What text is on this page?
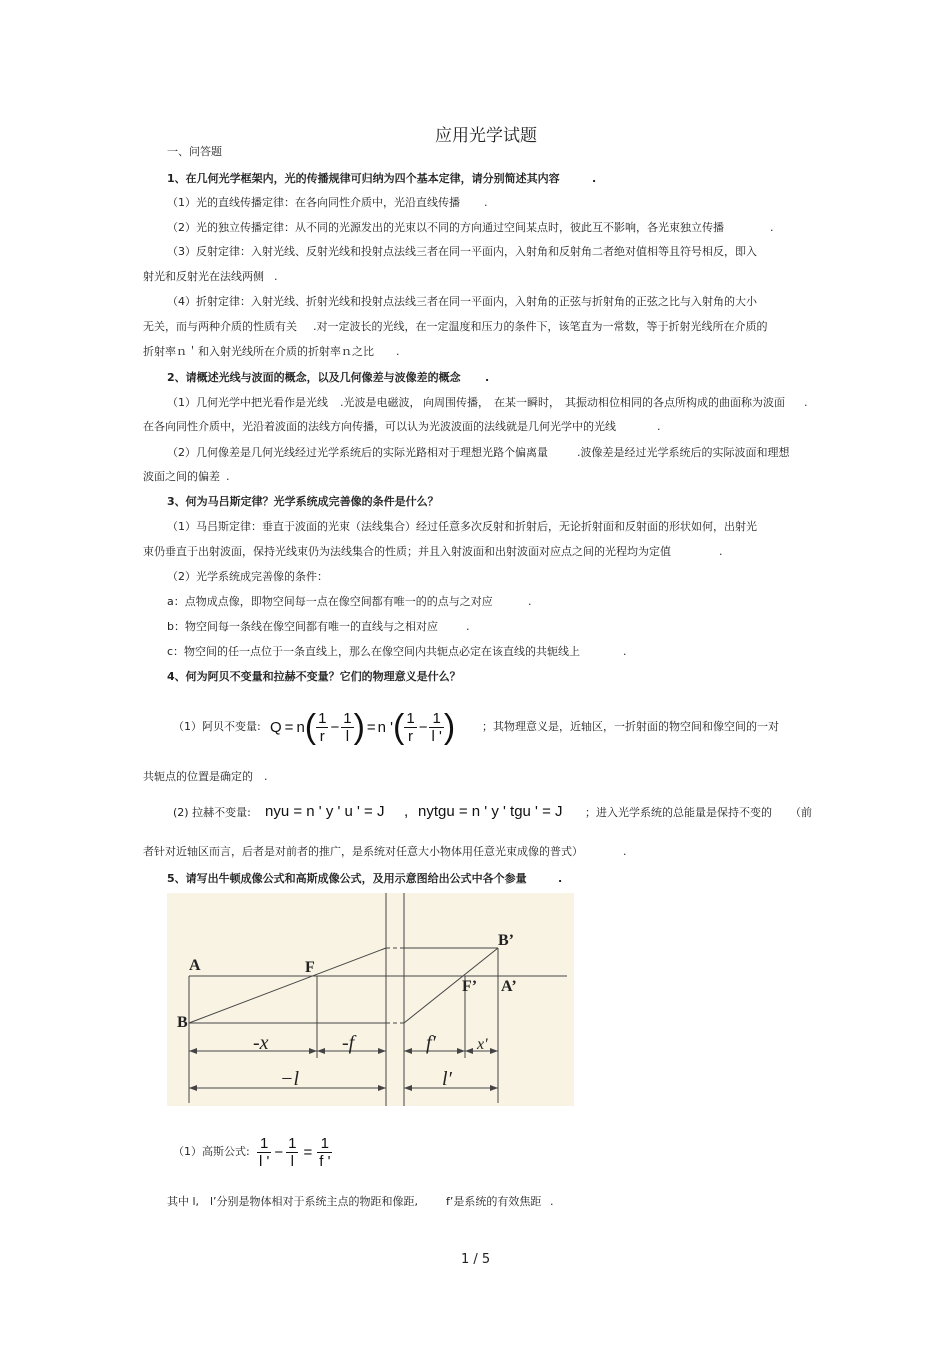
应用光学试题
一、问答题
1、在几何光学框架内，光的传播规律可归纳为四个基本定律，请分别简述其内容	.
（1）光的直线传播定律：在各向同性介质中，光沿直线传播 .
（2）光的独立传播定律：从不同的光源发出的光束以不同的方向通过空间某点时，彼此互不影响，各光束独立传播	.
（3）反射定律：入射光线、反射光线和投射点法线三者在同一平面内，入射角和反射角二者绝对值相等且符号相反，即入
射光和反射光在法线两侧 .
（4）折射定律：入射光线、折射光线和投射点法线三者在同一平面内，入射角的正弦与折射角的正弦之比与入射角的大小
无关，而与两种介质的性质有关 .对一定波长的光线，在一定温度和压力的条件下，该笔直为一常数，等于折射光线所在介质的
折射率ｎ＇和入射光线所在介质的折射率ｎ之比 .
2、请概述光线与波面的概念，以及几何像差与波像差的概念 .
（1）几何光学中把光看作是光线 .光波是电磁波， 向周围传播， 在某一瞬时， 其振动相位相同的各点所构成的曲面称为波面 .
在各向同性介质中，光沿着波面的法线方向传播，可以认为光波波面的法线就是几何光学中的光线	.
（2）几何像差是几何光线经过光学系统后的实际光路相对于理想光路个偏离量	.波像差是经过光学系统后的实际波面和理想
波面之间的偏差 .
3、何为马吕斯定律？光学系统成完善像的条件是什么？
（1）马吕斯定律：垂直于波面的光束（法线集合）经过任意多次反射和折射后，无论折射面和反射面的形状如何，出射光
束仍垂直于出射波面，保持光线束仍为法线集合的性质；并且入射波面和出射波面对应点之间的光程均为定值	.
（2）光学系统成完善像的条件：
a：点物成点像，即物空间每一点在像空间都有唯一的的点与之对应	.
b：物空间每一条线在像空间都有唯一的直线与之相对应	.
c：物空间的任一点位于一条直线上，那么在像空间内共轭点必定在该直线的共轭线上	.
4、何为阿贝不变量和拉赫不变量？它们的物理意义是什么？
（1）阿贝不变量: Q = n ( $\frac{1}{r} - \frac{1}{l}$ ) = n ' ( $\frac{1}{r} - \frac{1}{l '}$ ) ；其物理意义是，近轴区，一折射面的物空间和像空间的一对
共轭点的位置是确定的 .
(2) 拉赫不变量: nyu = n ' y ' u ' = J , nytgu = n ' y ' tgu ' = J ；进入光学系统的总能量是保持不变的 （前
者针对近轴区而言，后者是对前者的推广，是系统对任意大小物体用任意光束成像的普式）	.
5、请写出牛顿成像公式和高斯成像公式，及用示意图给出公式中各个参量	.
A
B
F
B’
F’ A’
-x	-f	f′	x'
−l	l′
（1）高斯公式: $\frac{1}{l '} - \frac{1}{l} = \frac{1}{f '}$
其中 l, l’分别是物体相对于系统主点的物距和像距,	f’是系统的有效焦距 .
1 / 5
